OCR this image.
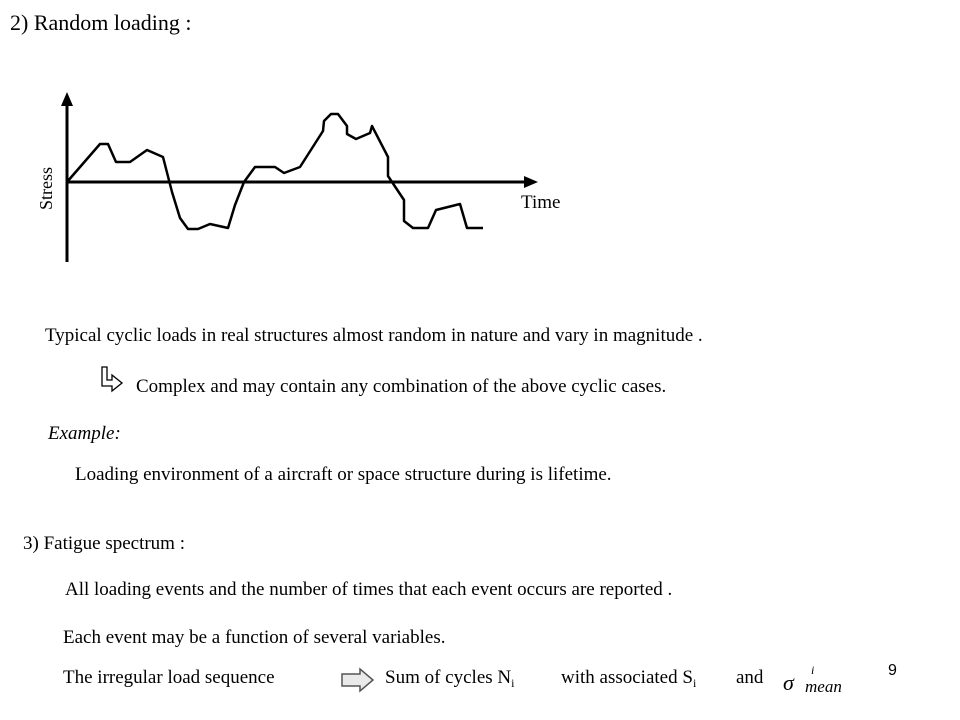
2) Random loading :
Stress	Time
Typical cyclic loads in real structures almost random in nature and vary in magnitude .
Complex and may contain any combination of the above cyclic cases.
Example:
Loading environment of a aircraft or space structure during is lifetime.
3) Fatigue spectrum :
All loading events and the number of times that each event occurs are reported .
Each event may be a function of several variables.
The irregular load sequence	Sum of cycles $N_i$ with associated $S_i$ and σ i
mean
9
